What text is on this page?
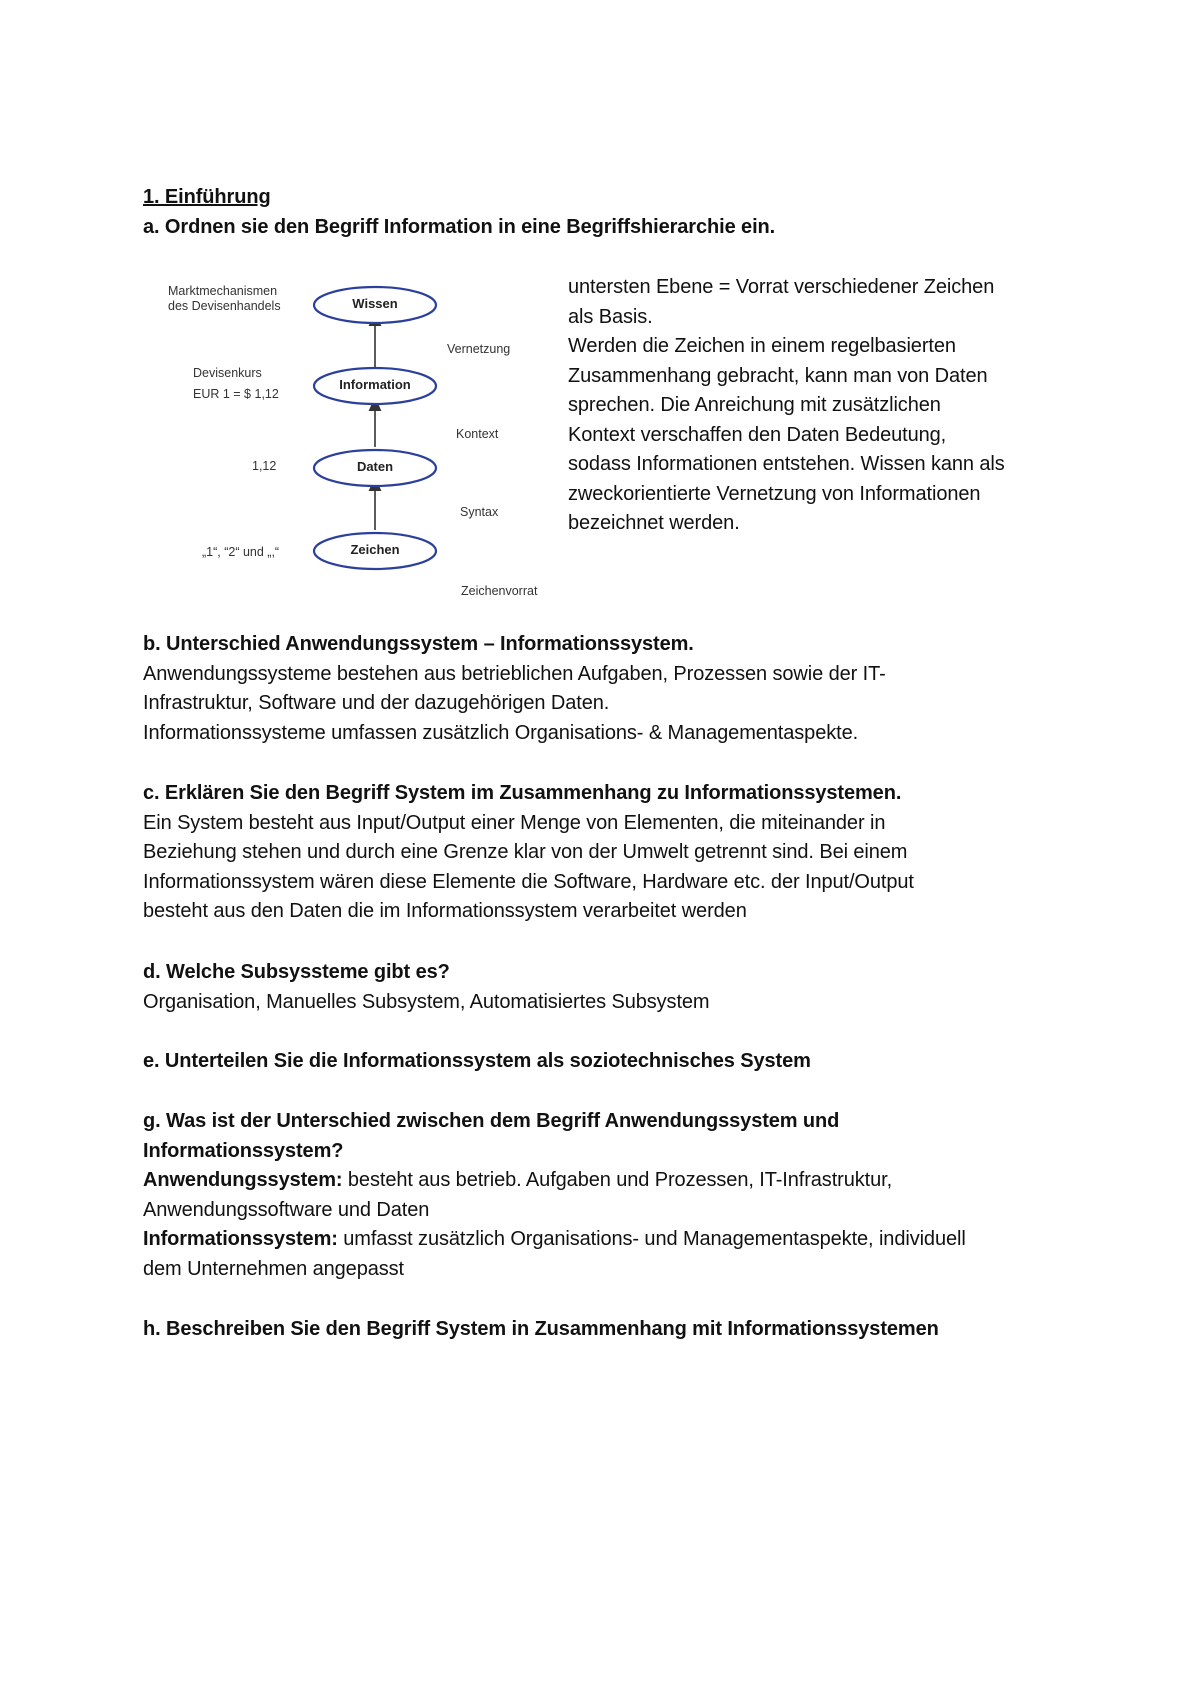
1. Einführung
a. Ordnen sie den Begriff Information in eine Begriffshierarchie ein.
Wissen
Information
Daten
Zeichen
Marktmechanismen
des Devisenhandels
Devisenkurs
EUR 1 = $ 1,12
1,12
„1“, “2“ und „,“
Vernetzung
Kontext
Syntax
Zeichenvorrat
untersten Ebene = Vorrat verschiedener Zeichen
als Basis.
Werden die Zeichen in einem regelbasierten
Zusammenhang gebracht, kann man von Daten
sprechen. Die Anreichung mit zusätzlichen
Kontext verschaffen den Daten Bedeutung,
sodass Informationen entstehen. Wissen kann als
zweckorientierte Vernetzung von Informationen
bezeichnet werden.
b. Unterschied Anwendungssystem – Informationssystem.
Anwendungssysteme bestehen aus betrieblichen Aufgaben, Prozessen sowie der IT-
Infrastruktur, Software und der dazugehörigen Daten.
Informationssysteme umfassen zusätzlich Organisations- & Managementaspekte.
c. Erklären Sie den Begriff System im Zusammenhang zu Informationssystemen.
Ein System besteht aus Input/Output einer Menge von Elementen, die miteinander in
Beziehung stehen und durch eine Grenze klar von der Umwelt getrennt sind. Bei einem
Informationssystem wären diese Elemente die Software, Hardware etc. der Input/Output
besteht aus den Daten die im Informationssystem verarbeitet werden
d. Welche Subsyssteme gibt es?
Organisation, Manuelles Subsystem, Automatisiertes Subsystem
e. Unterteilen Sie die Informationssystem als soziotechnisches System
g. Was ist der Unterschied zwischen dem Begriff Anwendungssystem und
Informationssystem?
Anwendungssystem: besteht aus betrieb. Aufgaben und Prozessen, IT-Infrastruktur,
Anwendungssoftware und Daten
Informationssystem: umfasst zusätzlich Organisations- und Managementaspekte, individuell
dem Unternehmen angepasst
h. Beschreiben Sie den Begriff System in Zusammenhang mit Informationssystemen
